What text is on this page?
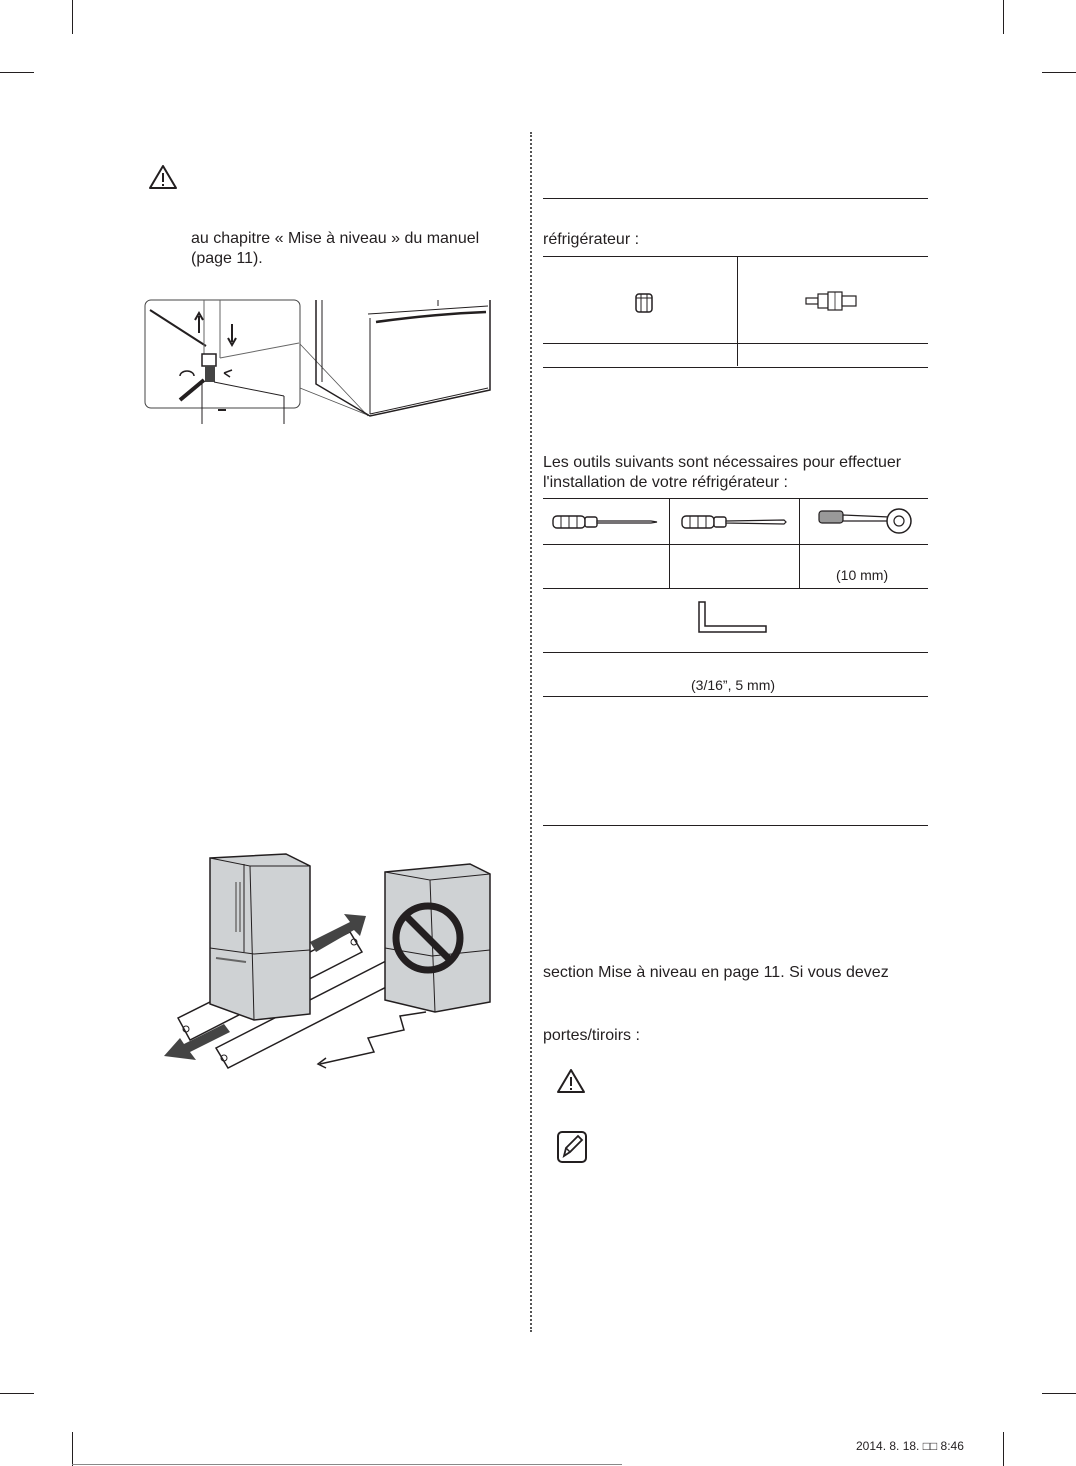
au chapitre « Mise à niveau » du manuel
(page 11).
réfrigérateur :
Les outils suivants sont nécessaires pour effectuer
l'installation de votre réfrigérateur :
(10 mm)
(3/16”, 5 mm)
section Mise à niveau en page 11. Si vous devez
portes/tiroirs :
2014. 8. 18. □□ 8:46
